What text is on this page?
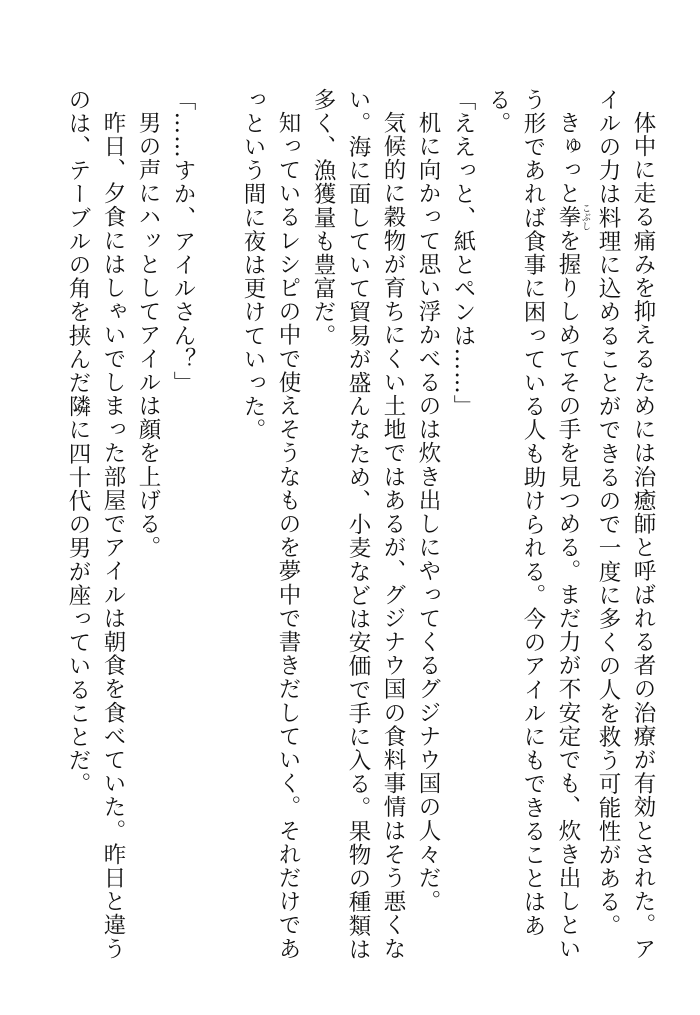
体中に走る痛みを抑えるためには治癒師と呼ばれる者の治療が有効とされた。アイルの力は料理に込めることができるので一度に多くの人を救う可能性がある。

きゅっと拳 こぶしを握りしめてその手を見つめる。まだ力が不安定でも、炊き出しという形であれば食事に困っている人も助けられる。今のアイルにもできることはある。

「ええっと、紙とペンは……」

机に向かって思い浮かべるのは炊き出しにやってくるグジナウ国の人々だ。

気候的に穀物が育ちにくい土地ではあるが、グジナウ国の食料事情はそう悪くない。海に面していて貿易が盛んなため、小麦などは安価で手に入る。果物の種類は多く、漁獲量も豊富だ。

知っているレシピの中で使えそうなものを夢中で書きだしていく。それだけであっという間に夜は更けていった。

「……すか、アイルさん？」

男の声にハッとしてアイルは顔を上げる。

昨日、夕食にはしゃいでしまった部屋でアイルは朝食を食べていた。昨日と違うのは、テーブルの角を挟んだ隣に四十代の男が座っていることだ。
